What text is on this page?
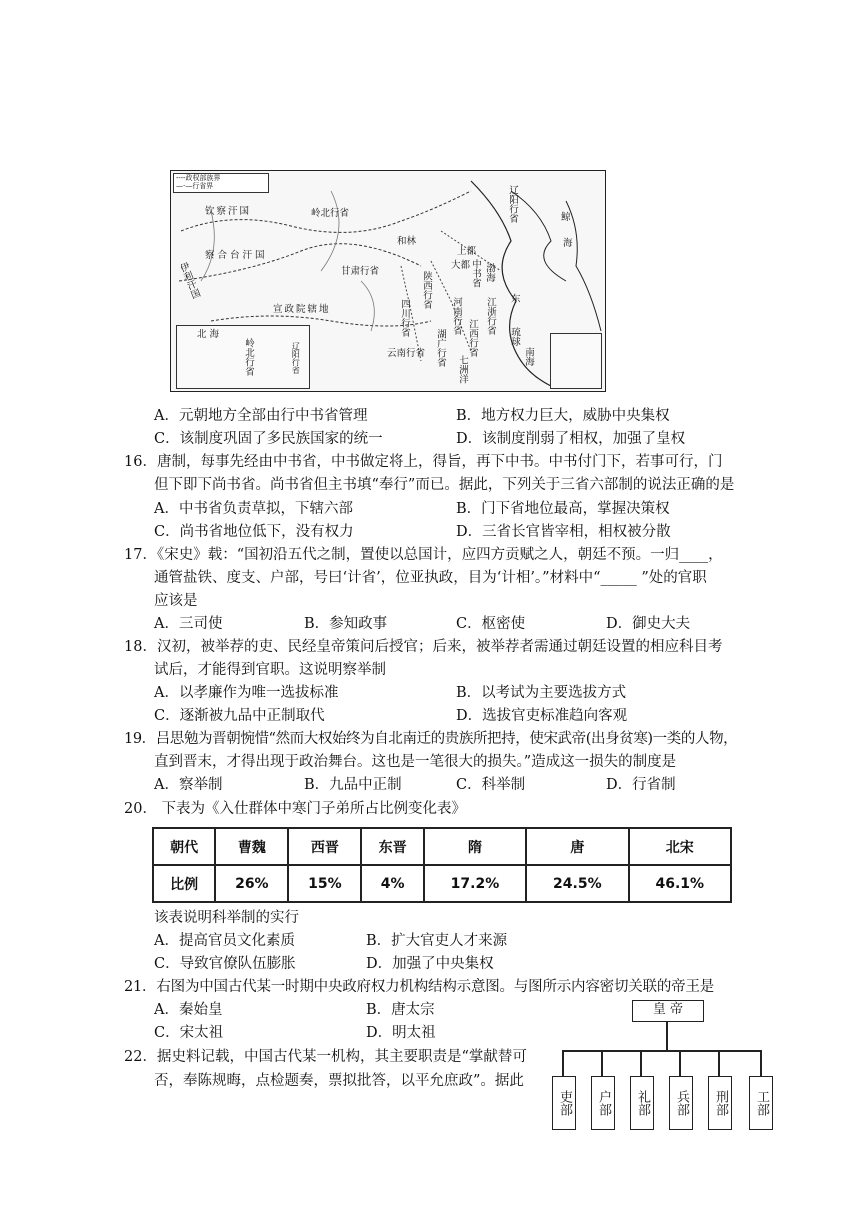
----政权部族界
—·—行省界
钦察汗国	岭北行省	辽阳行省	鲸
海
和林
察合台汗国	上都
大都 中书省 渤海
甘肃行省
伊利汗国	陕西行省
河南行省 江浙行省 东
宣政院辖地	四川行省
湖广行省 江西行省	琉球
云南行省
七洲洋	南海
北海
岭北行省	辽阳行省
A．元朝地方全部由行中书省管理	B．地方权力巨大，威胁中央集权
C．该制度巩固了多民族国家的统一	D．该制度削弱了相权，加强了皇权
16．唐制，每事先经由中书省，中书做定将上，得旨，再下中书。中书付门下，若事可行，门
但下即下尚书省。尚书省但主书填“奉行”而已。据此，下列关于三省六部制的说法正确的是
A．中书省负责草拟，下辖六部	B．门下省地位最高，掌握决策权
C．尚书省地位低下，没有权力	D．三省长官皆宰相，相权被分散
17．《宋史》载：“国初沿五代之制，置使以总国计，应四方贡赋之人，朝廷不预。一归____，
通管盐铁、度支、户部，号曰‘计省’，位亚执政，目为‘计相’。”材料中“_____ ”处的官职
应该是
A．三司使	B．参知政事	C．枢密使	D．御史大夫
18．汉初，被举荐的吏、民经皇帝策问后授官；后来，被举荐者需通过朝廷设置的相应科目考
试后，才能得到官职。这说明察举制
A．以孝廉作为唯一选拔标准	B．以考试为主要选拔方式
C．逐渐被九品中正制取代	D．选拔官吏标准趋向客观
19．吕思勉为晋朝惋惜“然而大权始终为自北南迁的贵族所把持，使宋武帝(出身贫寒)一类的人物，
直到晋末，才得出现于政治舞台。这也是一笔很大的损失。”造成这一损失的制度是
A．察举制	B．九品中正制	C．科举制	D．行省制
20． 下表为《入仕群体中寒门子弟所占比例变化表》
朝代	曹魏	西晋	东晋	隋	唐	北宋
比例	26%	15%	4%	17.2%	24.5%	46.1%
该表说明科举制的实行
A．提高官员文化素质	B．扩大官吏人才来源
C．导致官僚队伍膨胀	D．加强了中央集权
21．右图为中国古代某一时期中央政府权力机构结构示意图。与图所示内容密切关联的帝王是
A．秦始皇	B．唐太宗
C．宋太祖	D．明太祖
22．据史料记载，中国古代某一机构，其主要职责是“掌献替可
否，奉陈规晦，点检题奏，票拟批答，以平允庶政”。据此
皇 帝
吏部	户部	礼部	兵部	刑部	工部
